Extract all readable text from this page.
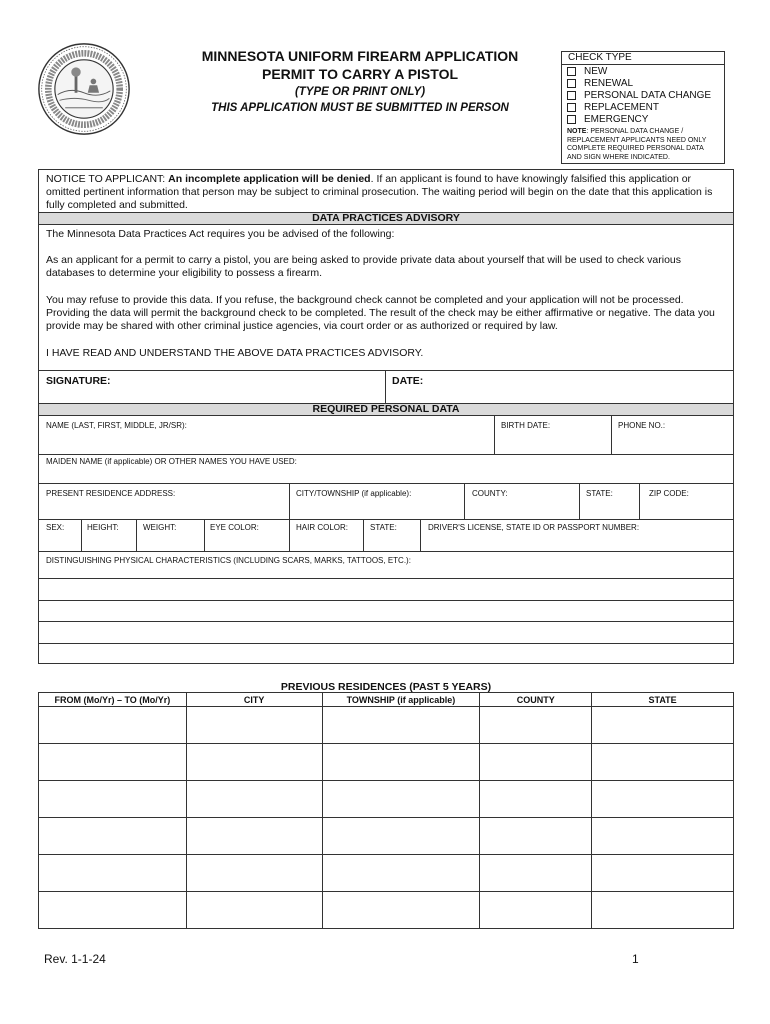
MINNESOTA UNIFORM FIREARM APPLICATION
PERMIT TO CARRY A PISTOL
(TYPE OR PRINT ONLY)
THIS APPLICATION MUST BE SUBMITTED IN PERSON
CHECK TYPE
NEW
RENEWAL
PERSONAL DATA CHANGE
REPLACEMENT
EMERGENCY
NOTE: PERSONAL DATA CHANGE / REPLACEMENT APPLICANTS NEED ONLY COMPLETE REQUIRED PERSONAL DATA AND SIGN WHERE INDICATED.
NOTICE TO APPLICANT: An incomplete application will be denied. If an applicant is found to have knowingly falsified this application or omitted pertinent information that person may be subject to criminal prosecution. The waiting period will begin on the date that this application is fully completed and submitted.
DATA PRACTICES ADVISORY
The Minnesota Data Practices Act requires you be advised of the following:
As an applicant for a permit to carry a pistol, you are being asked to provide private data about yourself that will be used to check various databases to determine your eligibility to possess a firearm.
You may refuse to provide this data. If you refuse, the background check cannot be completed and your application will not be processed. Providing the data will permit the background check to be completed. The result of the check may be either affirmative or negative. The data you provide may be shared with other criminal justice agencies, via court order or as authorized or required by law.
I HAVE READ AND UNDERSTAND THE ABOVE DATA PRACTICES ADVISORY.
SIGNATURE:	DATE:
REQUIRED PERSONAL DATA
NAME (LAST, FIRST, MIDDLE, JR/SR):	BIRTH DATE:	PHONE NO.:
MAIDEN NAME (if applicable) OR OTHER NAMES YOU HAVE USED:
PRESENT RESIDENCE ADDRESS:	CITY/TOWNSHIP (if applicable):	COUNTY:	STATE:	ZIP CODE:
SEX:	HEIGHT:	WEIGHT:	EYE COLOR:	HAIR COLOR:	STATE:	DRIVER'S LICENSE, STATE ID OR PASSPORT NUMBER:
DISTINGUISHING PHYSICAL CHARACTERISTICS (INCLUDING SCARS, MARKS, TATTOOS, ETC.):
PREVIOUS RESIDENCES (PAST 5 YEARS)
FROM (Mo/Yr) – TO (Mo/Yr)	CITY	TOWNSHIP (if applicable)	COUNTY	STATE

Rev. 1-1-24	1
